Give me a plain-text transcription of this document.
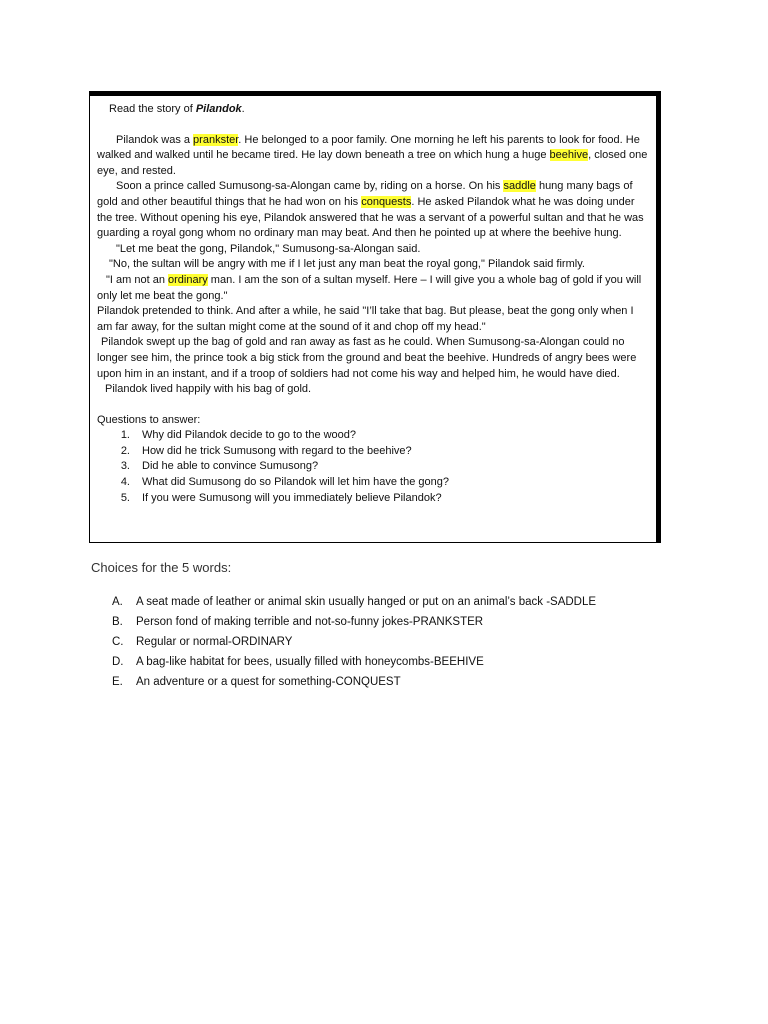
Read the story of Pilandok.

Pilandok was a prankster. He belonged to a poor family. One morning he left his parents to look for food. He walked and walked until he became tired. He lay down beneath a tree on which hung a huge beehive, closed one eye, and rested.

Soon a prince called Sumusong-sa-Alongan came by, riding on a horse. On his saddle hung many bags of gold and other beautiful things that he had won on his conquests. He asked Pilandok what he was doing under the tree. Without opening his eye, Pilandok answered that he was a servant of a powerful sultan and that he was guarding a royal gong whom no ordinary man may beat. And then he pointed up at where the beehive hung.

"Let me beat the gong, Pilandok," Sumusong-sa-Alongan said.

"No, the sultan will be angry with me if I let just any man beat the royal gong," Pilandok said firmly.

"I am not an ordinary man. I am the son of a sultan myself. Here – I will give you a whole bag of gold if you will only let me beat the gong."

Pilandok pretended to think. And after a while, he said "I’ll take that bag. But please, beat the gong only when I am far away, for the sultan might come at the sound of it and chop off my head."

Pilandok swept up the bag of gold and ran away as fast as he could. When Sumusong-sa-Alongan could no longer see him, the prince took a big stick from the ground and beat the beehive. Hundreds of angry bees were upon him in an instant, and if a troop of soldiers had not come his way and helped him, he would have died.

Pilandok lived happily with his bag of gold.

Questions to answer:

1.	Why did Pilandok decide to go to the wood?
2.	How did he trick Sumusong with regard to the beehive?
3.	Did he able to convince Sumusong?
4.	What did Sumusong do so Pilandok will let him have the gong?
5.	If you were Sumusong will you immediately believe Pilandok?
Choices for the 5 words:
A.	A seat made of leather or animal skin usually hanged or put on an animal’s back -SADDLE
B.	Person fond of making terrible and not-so-funny jokes-PRANKSTER
C.	Regular or normal-ORDINARY
D.	A bag-like habitat for bees, usually filled with honeycombs-BEEHIVE
E.	An adventure or a quest for something-CONQUEST
